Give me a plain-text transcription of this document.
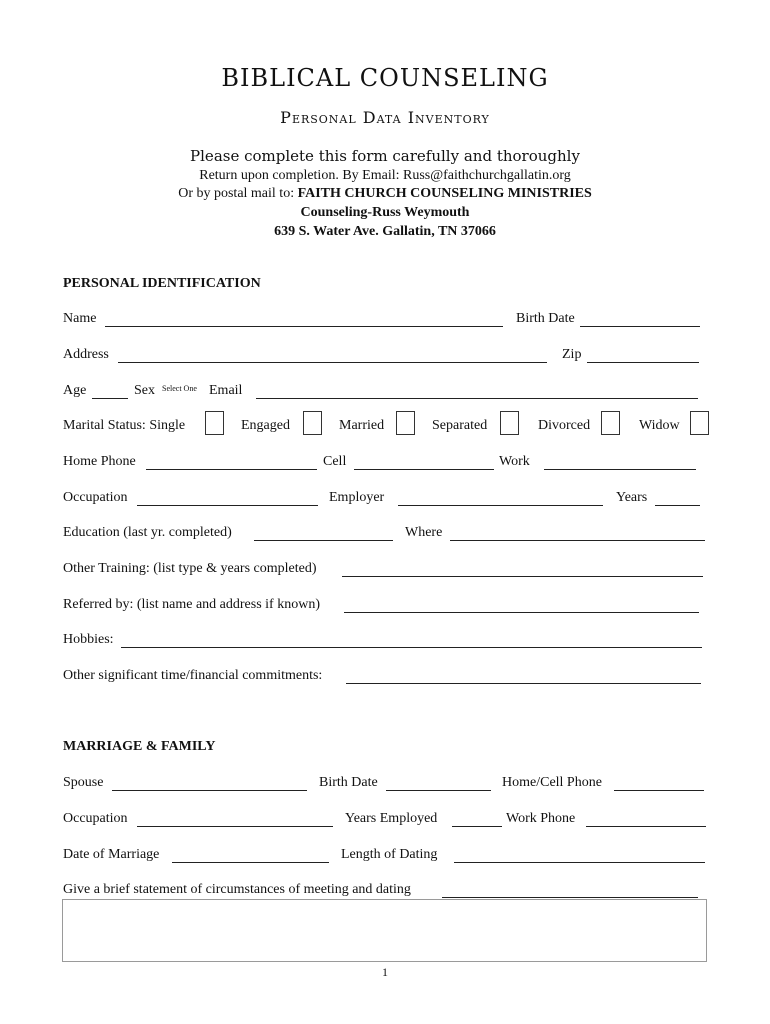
BIBLICAL COUNSELING
Personal Data Inventory
Please complete this form carefully and thoroughly
Return upon completion. By Email: Russ@faithchurchgallatin.org
Or by postal mail to: FAITH CHURCH COUNSELING MINISTRIES
Counseling-Russ Weymouth
639 S. Water Ave. Gallatin, TN 37066
PERSONAL IDENTIFICATION
Name	Birth Date
Address	Zip
Age	Sex Select One Email
Marital Status: Single	Engaged	Married	Separated	Divorced	Widow
Home Phone	Cell	Work
Occupation	Employer	Years
Education (last yr. completed)	Where
Other Training: (list type & years completed)
Referred by: (list name and address if known)
Hobbies:
Other significant time/financial commitments:
MARRIAGE & FAMILY
Spouse	Birth Date	Home/Cell Phone
Occupation	Years Employed	Work Phone
Date of Marriage	Length of Dating
Give a brief statement of circumstances of meeting and dating
1
